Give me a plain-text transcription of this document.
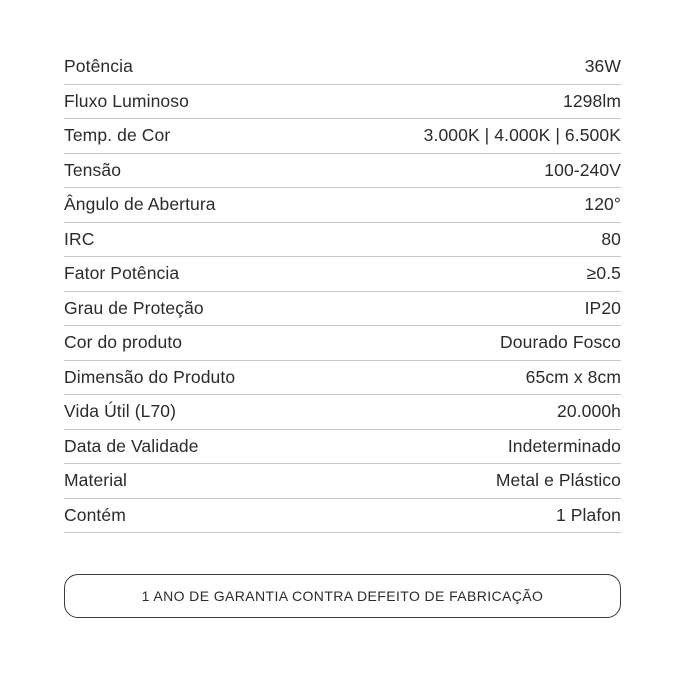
Potência	36W
Fluxo Luminoso	1298lm
Temp. de Cor	3.000K | 4.000K | 6.500K
Tensão	100-240V
Ângulo de Abertura	120°
IRC	80
Fator Potência	≥0.5
Grau de Proteção	IP20
Cor do produto	Dourado Fosco
Dimensão do Produto	65cm x 8cm
Vida Útil (L70)	20.000h
Data de Validade	Indeterminado
Material	Metal e Plástico
Contém	1 Plafon
1 ANO DE GARANTIA CONTRA DEFEITO DE FABRICAÇÃO
